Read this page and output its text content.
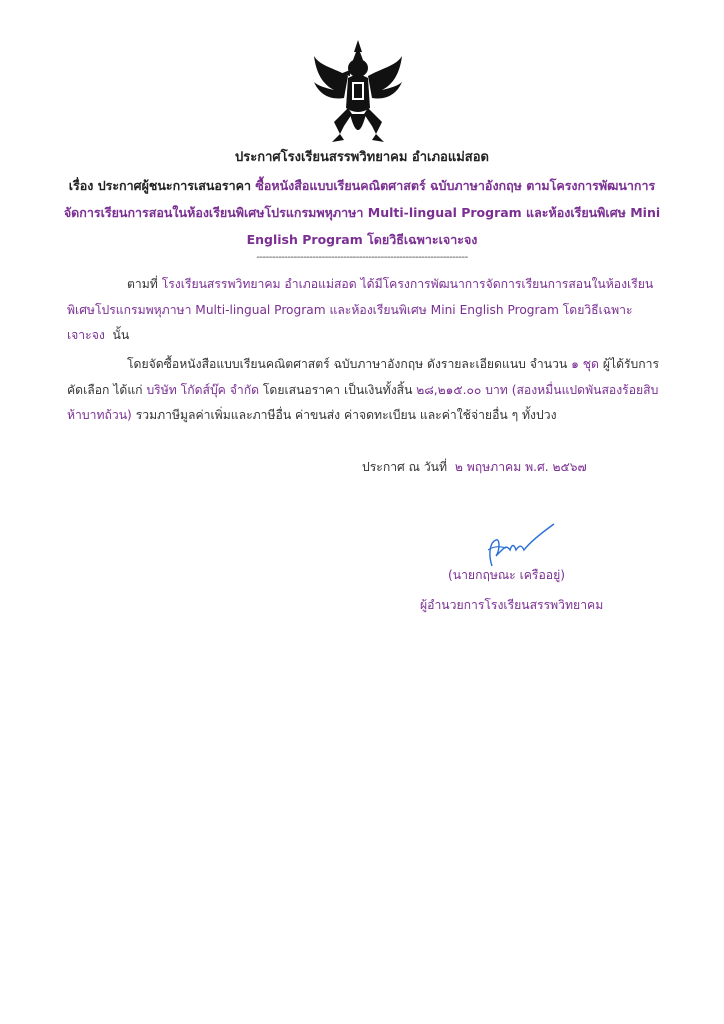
ประกาศโรงเรียนสรรพวิทยาคม อำเภอแม่สอด
เรื่อง ประกาศผู้ชนะการเสนอราคา ซื้อหนังสือแบบเรียนคณิตศาสตร์ ฉบับภาษาอังกฤษ ตามโครงการพัฒนาการ
จัดการเรียนการสอนในห้องเรียนพิเศษโปรแกรมพหุภาษา Multi-lingual Program และห้องเรียนพิเศษ Mini
English Program โดยวิธีเฉพาะเจาะจง
--------------------------------------------------------------------
ตามที่ โรงเรียนสรรพวิทยาคม อำเภอแม่สอด ได้มีโครงการพัฒนาการจัดการเรียนการสอนในห้องเรียนพิเศษโปรแกรมพหุภาษา Multi-lingual Program และห้องเรียนพิเศษ Mini English Program โดยวิธีเฉพาะเจาะจง นั้น
โดยจัดซื้อหนังสือแบบเรียนคณิตศาสตร์ ฉบับภาษาอังกฤษ ดังรายละเอียดแนบ จำนวน ๑ ชุด ผู้ได้รับการคัดเลือก ได้แก่ บริษัท โกัดส์บุ๊ค จำกัด โดยเสนอราคา เป็นเงินทั้งสิ้น ๒๘,๒๑๕.๐๐ บาท (สองหมื่นแปดพันสองร้อยสิบห้าบาทถ้วน) รวมภาษีมูลค่าเพิ่มและภาษีอื่น ค่าขนส่ง ค่าจดทะเบียน และค่าใช้จ่ายอื่น ๆ ทั้งปวง
ประกาศ ณ วันที่ ๒ พฤษภาคม พ.ศ. ๒๕๖๗
(นายกฤษณะ เครืออยู่)
ผู้อำนวยการโรงเรียนสรรพวิทยาคม
